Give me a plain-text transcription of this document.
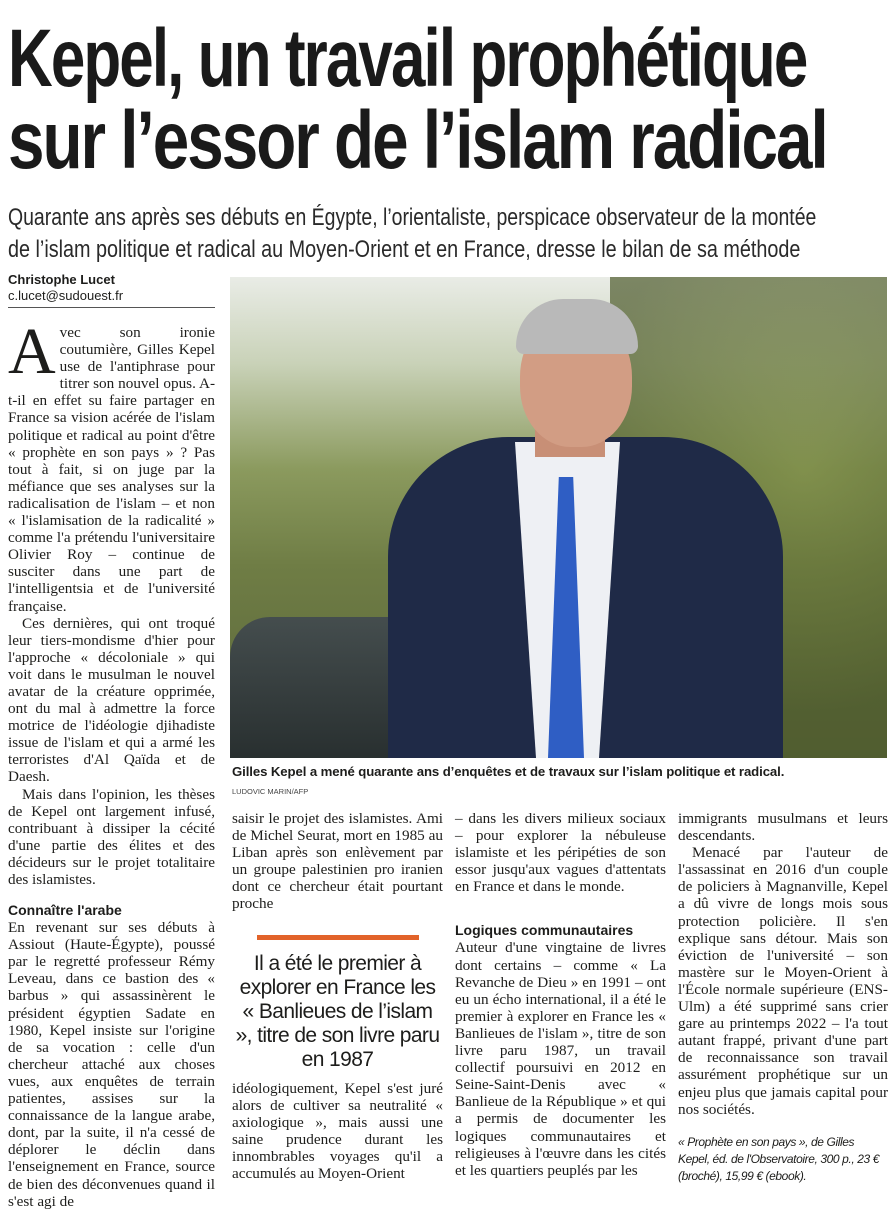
Kepel, un travail prophétique
sur l’essor de l’islam radical
Quarante ans après ses débuts en Égypte, l’orientaliste, perspicace observateur de la montée
de l’islam politique et radical au Moyen-Orient et en France, dresse le bilan de sa méthode
Christophe Lucet
c.lucet@sudouest.fr
Gilles Kepel a mené quarante ans d’enquêtes et de travaux sur l’islam politique et radical.
LUDOVIC MARIN/AFP

Avec son ironie coutumière, Gilles Kepel use de l'antiphrase pour titrer son nouvel opus. A-t-il en effet su faire partager en France sa vision acérée de l'islam politique et radical au point d'être « prophète en son pays » ? Pas tout à fait, si on juge par la méfiance que ses analyses sur la radicalisation de l'islam – et non « l'islamisation de la radicalité » comme l'a prétendu l'universitaire Olivier Roy – continue de susciter dans une part de l'intelligentsia et de l'université française.

Ces dernières, qui ont troqué leur tiers-mondisme d'hier pour l'approche « décoloniale » qui voit dans le musulman le nouvel avatar de la créature opprimée, ont du mal à admettre la force motrice de l'idéologie djihadiste issue de l'islam et qui a armé les terroristes d'Al Qaïda et de Daesh.

Mais dans l'opinion, les thèses de Kepel ont largement infusé, contribuant à dissiper la cécité d'une partie des élites et des décideurs sur le projet totalitaire des islamistes.

Connaître l'arabe

En revenant sur ses débuts à Assiout (Haute-Égypte), poussé par le regretté professeur Rémy Leveau, dans ce bastion des « barbus » qui assassinèrent le président égyptien Sadate en 1980, Kepel insiste sur l'origine de sa vocation : celle d'un chercheur attaché aux choses vues, aux enquêtes de terrain patientes, assises sur la connaissance de la langue arabe, dont, par la suite, il n'a cessé de déplorer le déclin dans l'enseignement en France, source de bien des déconvenues quand il s'est agi de

saisir le projet des islamistes. Ami de Michel Seurat, mort en 1985 au Liban après son enlèvement par un groupe palestinien pro iranien dont ce chercheur était pourtant proche

Il a été le premier à explorer en France les « Banlieues de l’islam », titre de son livre paru en 1987

idéologiquement, Kepel s'est juré alors de cultiver sa neutralité « axiologique », mais aussi une saine prudence durant les innombrables voyages qu'il a accumulés au Moyen-Orient

– dans les divers milieux sociaux – pour explorer la nébuleuse islamiste et les péripéties de son essor jusqu'aux vagues d'attentats en France et dans le monde.

Logiques communautaires

Auteur d'une vingtaine de livres dont certains – comme « La Revanche de Dieu » en 1991 – ont eu un écho international, il a été le premier à explorer en France les « Banlieues de l'islam », titre de son livre paru 1987, un travail collectif poursuivi en 2012 en Seine-Saint-Denis avec « Banlieue de la République » et qui a permis de documenter les logiques communautaires et religieuses à l'œuvre dans les cités et les quartiers peuplés par les

immigrants musulmans et leurs descendants.

Menacé par l'auteur de l'assassinat en 2016 d'un couple de policiers à Magnanville, Kepel a dû vivre de longs mois sous protection policière. Il s'en explique sans détour. Mais son éviction de l'université – son mastère sur le Moyen-Orient à l'École normale supérieure (ENS-Ulm) a été supprimé sans crier gare au printemps 2022 – l'a tout autant frappé, privant d'une part de reconnaissance son travail assurément prophétique sur un enjeu plus que jamais capital pour nos sociétés.

« Prophète en son pays », de Gilles Kepel, éd. de l'Observatoire, 300 p., 23 € (broché), 15,99 € (ebook).
